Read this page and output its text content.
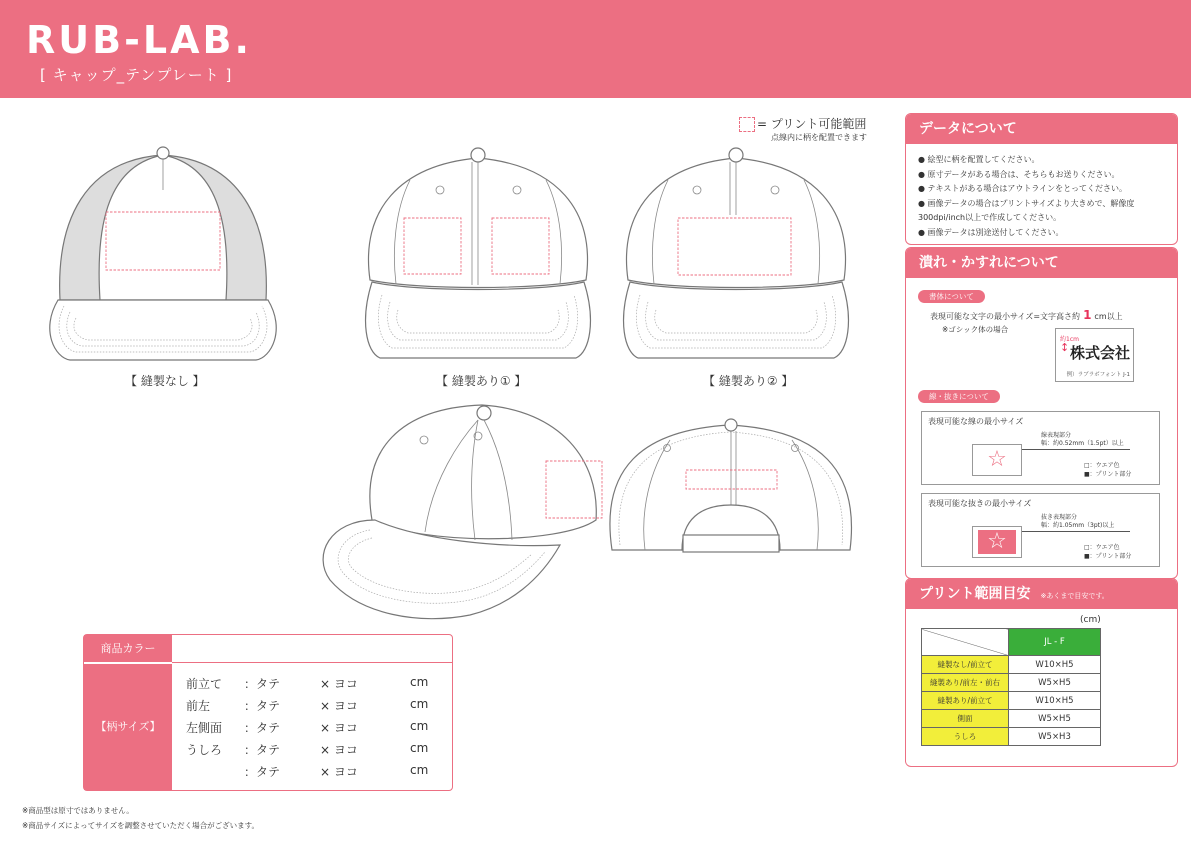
RUB-LAB.
[ キャップ_テンプレート ]
= プリント可能範囲
点線内に柄を配置できます
【 縫製なし 】	【 縫製あり① 】	【 縫製あり② 】
データについて
● 絵型に柄を配置してください。
● 原寸データがある場合は、そちらもお送りください。
● テキストがある場合はアウトラインをとってください。
● 画像データの場合はプリントサイズより大きめで、解像度
300dpi/inch以上で作成してください。
● 画像データは別途送付してください。
潰れ・かすれについて
書体について
表現可能な文字の最小サイズ=文字高さ約 1 cm以上
※ゴシック体の場合
約1cm
↕ 株式会社
例）ラブラボフォント J-1
線・抜きについて
表現可能な線の最小サイズ
線表現部分
幅：約0.52mm（1.5pt）以上
☆	□：ウエア色
■：プリント部分
表現可能な抜きの最小サイズ
抜き表現部分
幅：約1.05mm（3pt)以上
☆	□：ウエア色
■：プリント部分
プリント範囲目安 ※あくまで目安です。
(cm)
	JL - F
縫製なし/前立て	W10×H5
縫製あり/前左・前右	W5×H5
縫製あり/前立て	W10×H5
側面	W5×H5
うしろ	W5×H3
商品カラー
【柄サイズ】
前立て ：タテ	× ヨコ	cm
前左	：タテ	× ヨコ	cm
左側面 ：タテ	× ヨコ	cm
うしろ ：タテ	× ヨコ	cm
：タテ	× ヨコ	cm
※商品型は原寸ではありません。
※商品サイズによってサイズを調整させていただく場合がございます。
